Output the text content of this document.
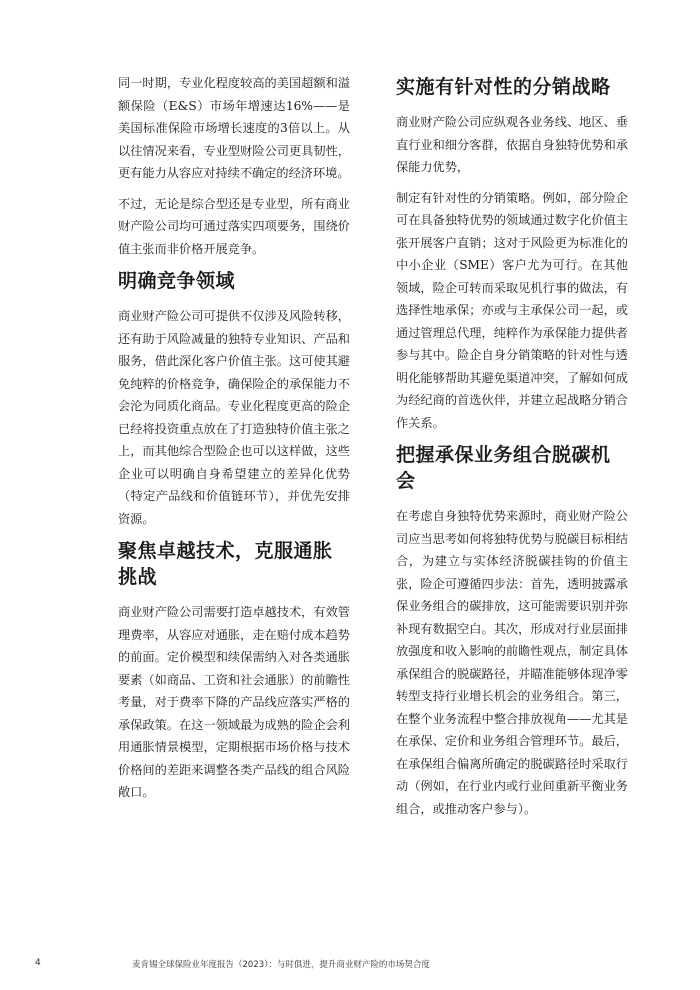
同一时期，专业化程度较高的美国超额和溢额保险（E&S）市场年增速达16%——是美国标准保险市场增长速度的3倍以上。从以往情况来看，专业型财险公司更具韧性，更有能力从容应对持续不确定的经济环境。

不过，无论是综合型还是专业型，所有商业财产险公司均可通过落实四项要务，围绕价值主张而非价格开展竞争。

明确竞争领域

商业财产险公司可提供不仅涉及风险转移，还有助于风险减量的独特专业知识、产品和服务，借此深化客户价值主张。这可使其避免纯粹的价格竞争，确保险企的承保能力不会沦为同质化商品。专业化程度更高的险企已经将投资重点放在了打造独特价值主张之上，而其他综合型险企也可以这样做，这些企业可以明确自身希望建立的差异化优势（特定产品线和价值链环节），并优先安排资源。

聚焦卓越技术，克服通胀挑战

商业财产险公司需要打造卓越技术，有效管理费率，从容应对通胀，走在赔付成本趋势的前面。定价模型和续保需纳入对各类通胀要素（如商品、工资和社会通胀）的前瞻性考量，对于费率下降的产品线应落实严格的承保政策。在这一领域最为成熟的险企会利用通胀情景模型，定期根据市场价格与技术价格间的差距来调整各类产品线的组合风险敞口。

实施有针对性的分销战略

商业财产险公司应纵观各业务线、地区、垂直行业和细分客群，依据自身独特优势和承保能力优势，

制定有针对性的分销策略。例如，部分险企可在具备独特优势的领域通过数字化价值主张开展客户直销；这对于风险更为标准化的中小企业（SME）客户尤为可行。在其他领域，险企可转而采取见机行事的做法，有选择性地承保；亦或与主承保公司一起，或通过管理总代理，纯粹作为承保能力提供者参与其中。险企自身分销策略的针对性与透明化能够帮助其避免渠道冲突，了解如何成为经纪商的首选伙伴，并建立起战略分销合作关系。

把握承保业务组合脱碳机会

在考虑自身独特优势来源时，商业财产险公司应当思考如何将独特优势与脱碳目标相结合，为建立与实体经济脱碳挂钩的价值主张，险企可遵循四步法：首先，透明披露承保业务组合的碳排放，这可能需要识别并弥补现有数据空白。其次，形成对行业层面排放强度和收入影响的前瞻性观点，制定具体承保组合的脱碳路径，并瞄准能够体现净零转型支持行业增长机会的业务组合。第三，在整个业务流程中整合排放视角——尤其是在承保、定价和业务组合管理环节。最后，在承保组合偏离所确定的脱碳路径时采取行动（例如，在行业内或行业间重新平衡业务组合，或推动客户参与）。

4	麦肯锡全球保险业年度报告（2023）：与时俱进，提升商业财产险的市场契合度
